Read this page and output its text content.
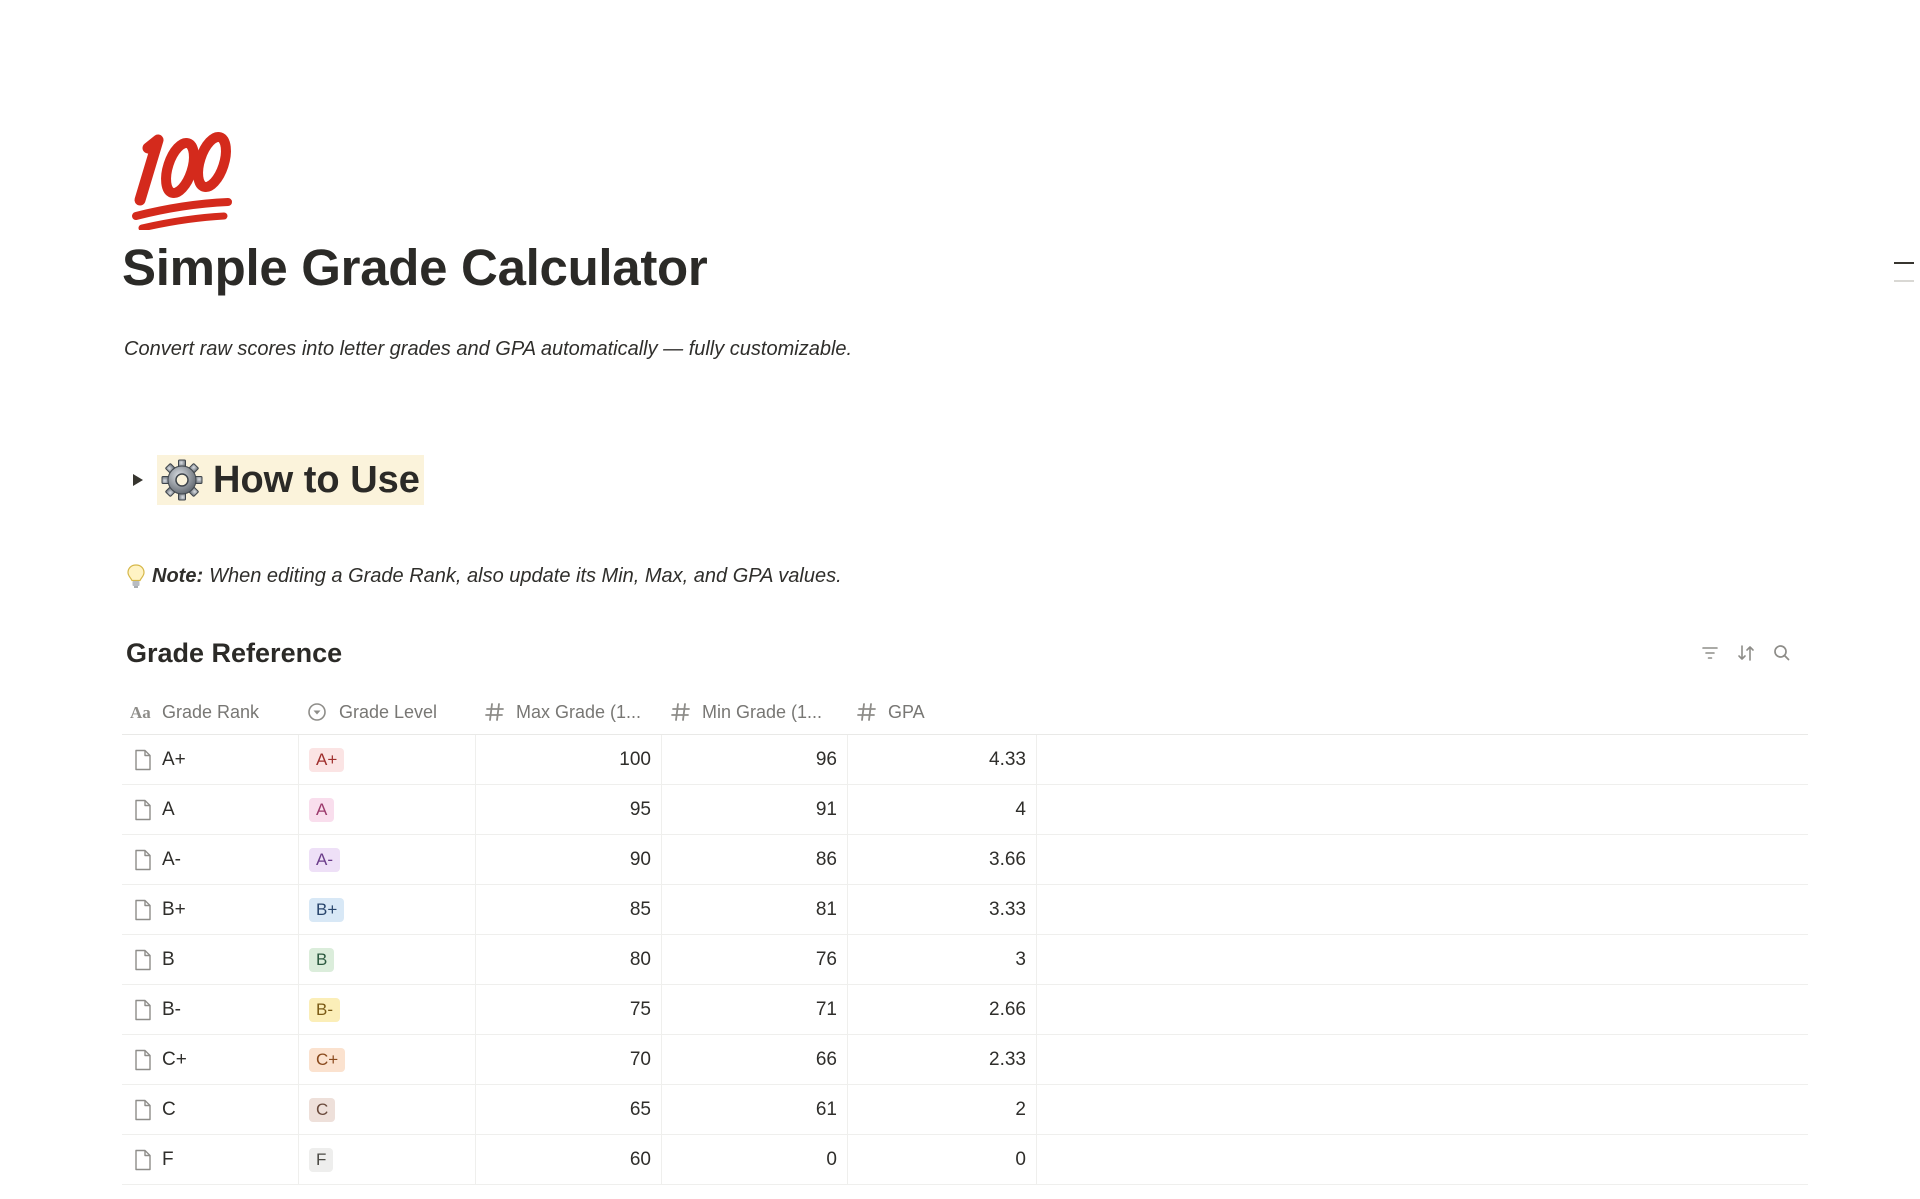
Simple Grade Calculator
Convert raw scores into letter grades and GPA automatically — fully customizable.
How to Use
Note: When editing a Grade Rank, also update its Min, Max, and GPA values.
Grade Reference
Aa Grade Rank	Grade Level	Max Grade (1...	Min Grade (1...	GPA
A+	A+	100	96	4.33
A	A	95	91	4
A-	A-	90	86	3.66
B+	B+	85	81	3.33
B	B	80	76	3
B-	B-	75	71	2.66
C+	C+	70	66	2.33
C	C	65	61	2
F	F	60	0	0
